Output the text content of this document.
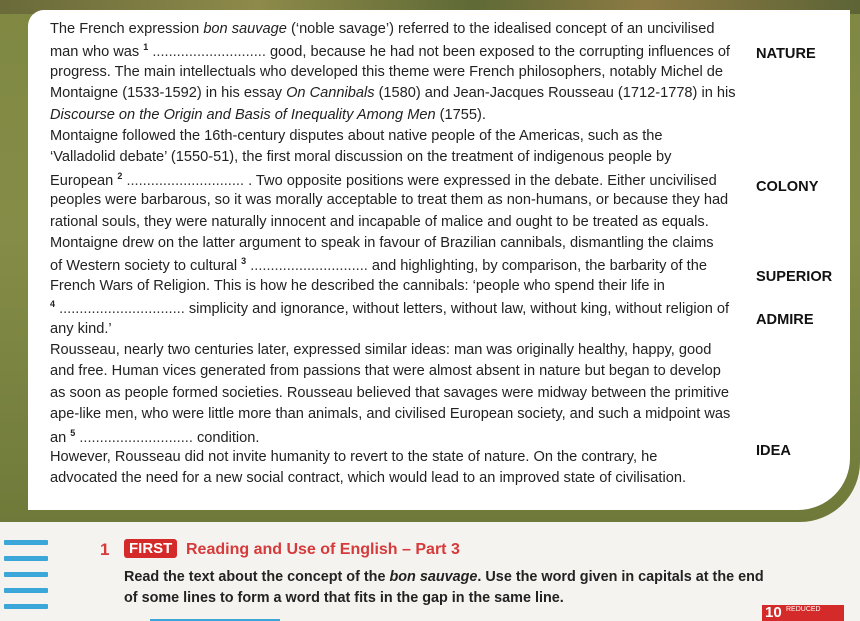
The French expression bon sauvage (‘noble savage’) referred to the idealised concept of an uncivilised
man who was $^1$ ............................ good, because he had not been exposed to the corrupting influences of
progress. The main intellectuals who developed this theme were French philosophers, notably Michel de
Montaigne (1533-1592) in his essay On Cannibals (1580) and Jean-Jacques Rousseau (1712-1778) in his
Discourse on the Origin and Basis of Inequality Among Men (1755).
Montaigne followed the 16th-century disputes about native people of the Americas, such as the
‘Valladolid debate’ (1550-51), the first moral discussion on the treatment of indigenous people by
European $^2$ ............................. . Two opposite positions were expressed in the debate. Either uncivilised
peoples were barbarous, so it was morally acceptable to treat them as non-humans, or because they had
rational souls, they were naturally innocent and incapable of malice and ought to be treated as equals.
Montaigne drew on the latter argument to speak in favour of Brazilian cannibals, dismantling the claims
of Western society to cultural $^3$ ............................. and highlighting, by comparison, the barbarity of the
French Wars of Religion. This is how he described the cannibals: ‘people who spend their life in
$^4$ ............................... simplicity and ignorance, without letters, without law, without king, without religion of
any kind.’
Rousseau, nearly two centuries later, expressed similar ideas: man was originally healthy, happy, good
and free. Human vices generated from passions that were almost absent in nature but began to develop
as soon as people formed societies. Rousseau believed that savages were midway between the primitive
ape-like men, who were little more than animals, and civilised European society, and such a midpoint was
an $^5$ ............................ condition.
However, Rousseau did not invite humanity to revert to the state of nature. On the contrary, he
advocated the need for a new social contract, which would lead to an improved state of civilisation.
NATURE
COLONY
SUPERIOR
ADMIRE
IDEA
1	FIRST Reading and Use of English – Part 3
Read the text about the concept of the bon sauvage. Use the word given in capitals at the end
of some lines to form a word that fits in the gap in the same line.
10 REDUCED
